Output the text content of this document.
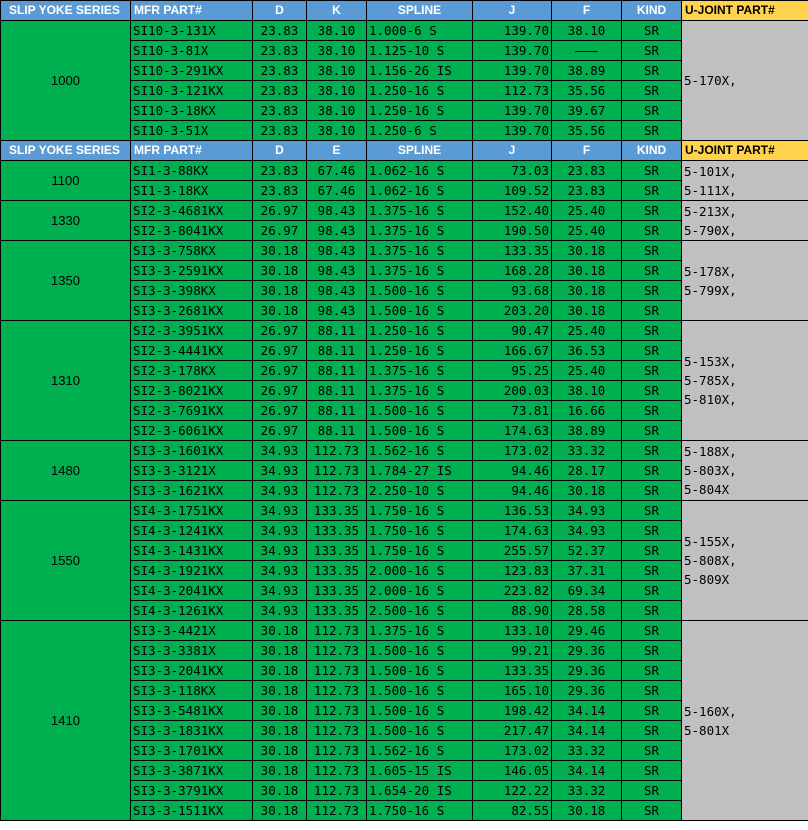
SLIP YOKE SERIES	MFR PART#	D	K	SPLINE	J	F	KIND	U-JOINT PART#
1000	SI10-3-131X	23.83	38.10	1.000-6 S	139.70	38.10	SR	5-170X,

	SI10-3-81X	23.83	38.10	1.125-10 S	139.70	———	SR	
	SI10-3-291KX	23.83	38.10	1.156-26 IS	139.70	38.89	SR	
	SI10-3-121KX	23.83	38.10	1.250-16 S	112.73	35.56	SR	
	SI10-3-18KX	23.83	38.10	1.250-16 S	139.70	39.67	SR	
	SI10-3-51X	23.83	38.10	1.250-6 S	139.70	35.56	SR	
SLIP YOKE SERIES	MFR PART#	D	E	SPLINE	J	F	KIND	U-JOINT PART#
1100	SI1-3-88KX	23.83	67.46	1.062-16 S	73.03	23.83	SR	5-101X,
5-111X,

	SI1-3-18KX	23.83	67.46	1.062-16 S	109.52	23.83	SR	
1330	SI2-3-4681KX	26.97	98.43	1.375-16 S	152.40	25.40	SR	5-213X,
5-790X,

	SI2-3-8041KX	26.97	98.43	1.375-16 S	190.50	25.40	SR	
1350	SI3-3-758KX	30.18	98.43	1.375-16 S	133.35	30.18	SR	5-178X,
5-799X,

	SI3-3-2591KX	30.18	98.43	1.375-16 S	168.28	30.18	SR	
	SI3-3-398KX	30.18	98.43	1.500-16 S	93.68	30.18	SR	
	SI3-3-2681KX	30.18	98.43	1.500-16 S	203.20	30.18	SR	
1310	SI2-3-3951KX	26.97	88.11	1.250-16 S	90.47	25.40	SR	5-153X,
5-785X,
5-810X,

	SI2-3-4441KX	26.97	88.11	1.250-16 S	166.67	36.53	SR	
	SI2-3-178KX	26.97	88.11	1.375-16 S	95.25	25.40	SR	
	SI2-3-8021KX	26.97	88.11	1.375-16 S	200.03	38.10	SR	
	SI2-3-7691KX	26.97	88.11	1.500-16 S	73.81	16.66	SR	
	SI2-3-6061KX	26.97	88.11	1.500-16 S	174.63	38.89	SR	
1480	SI3-3-1601KX	34.93	112.73	1.562-16 S	173.02	33.32	SR	5-188X,
5-803X,
5-804X

	SI3-3-3121X	34.93	112.73	1.784-27 IS	94.46	28.17	SR	
	SI3-3-1621KX	34.93	112.73	2.250-10 S	94.46	30.18	SR	
1550	SI4-3-1751KX	34.93	133.35	1.750-16 S	136.53	34.93	SR	5-155X,
5-808X,
5-809X

	SI4-3-1241KX	34.93	133.35	1.750-16 S	174.63	34.93	SR	
	SI4-3-1431KX	34.93	133.35	1.750-16 S	255.57	52.37	SR	
	SI4-3-1921KX	34.93	133.35	2.000-16 S	123.83	37.31	SR	
	SI4-3-2041KX	34.93	133.35	2.000-16 S	223.82	69.34	SR	
	SI4-3-1261KX	34.93	133.35	2.500-16 S	88.90	28.58	SR	
1410	SI3-3-4421X	30.18	112.73	1.375-16 S	133.10	29.46	SR	5-160X,
5-801X

	SI3-3-3381X	30.18	112.73	1.500-16 S	99.21	29.36	SR	
	SI3-3-2041KX	30.18	112.73	1.500-16 S	133.35	29.36	SR	
	SI3-3-118KX	30.18	112.73	1.500-16 S	165.10	29.36	SR	
	SI3-3-5481KX	30.18	112.73	1.500-16 S	198.42	34.14	SR	
	SI3-3-1831KX	30.18	112.73	1.500-16 S	217.47	34.14	SR	
	SI3-3-1701KX	30.18	112.73	1.562-16 S	173.02	33.32	SR	
	SI3-3-3871KX	30.18	112.73	1.605-15 IS	146.05	34.14	SR	
	SI3-3-3791KX	30.18	112.73	1.654-20 IS	122.22	33.32	SR	
	SI3-3-1511KX	30.18	112.73	1.750-16 S	82.55	30.18	SR	
